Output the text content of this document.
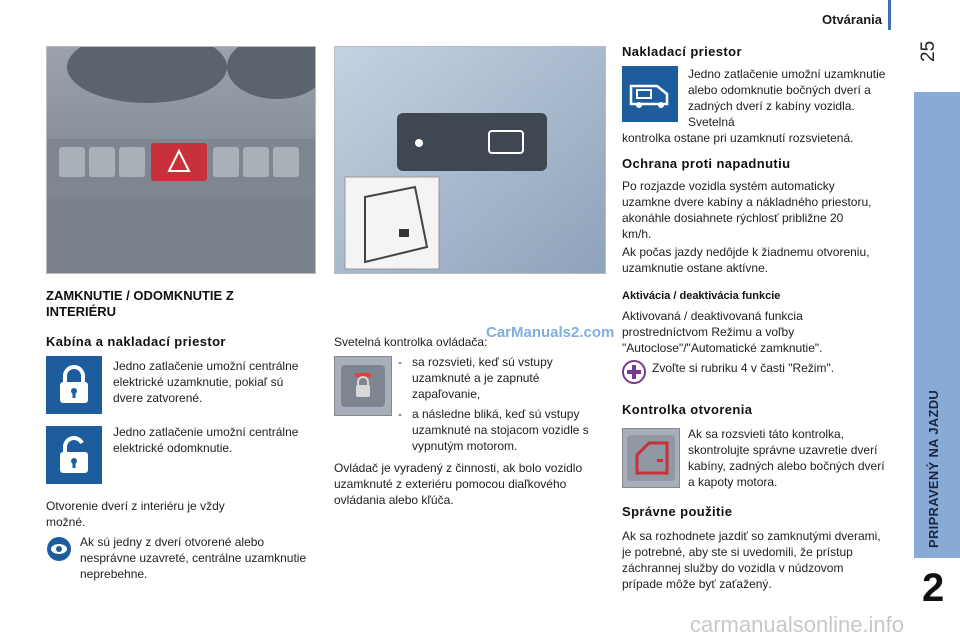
Otvárania
25
PRIPRAVENÝ NA JAZDU
2
ZAMKNUTIE / ODOMKNUTIE Z INTERIÉRU
Kabína a nakladací priestor
Jedno zatlačenie umožní centrálne elektrické uzamknutie, pokiaľ sú dvere zatvorené.
Jedno zatlačenie umožní centrálne elektrické odomknutie.
Otvorenie dverí z interiéru je vždy možné.
Ak sú jedny z dverí otvorené alebo nesprávne uzavreté, centrálne uzamknutie neprebehne.
CarManuals2.com
Svetelná kontrolka ovládača:
- sa rozsvieti, keď sú vstupy uzamknuté a je zapnuté zapaľovanie,
- a následne bliká, keď sú vstupy uzamknuté na stojacom vozidle s vypnutým motorom.
Ovládač je vyradený z činnosti, ak bolo vozidlo uzamknuté z exteriéru pomocou diaľkového ovládania alebo kľúča.
Nakladací priestor
Jedno zatlačenie umožní uzamknutie alebo odomknutie bočných dverí a zadných dverí z kabíny vozidla. Svetelná
kontrolka ostane pri uzamknutí rozsvietená.
Ochrana proti napadnutiu
Po rozjazde vozidla systém automaticky uzamkne dvere kabíny a nákladného priestoru, akonáhle dosiahnete rýchlosť približne 20 km/h.
Ak počas jazdy nedôjde k žiadnemu otvoreniu, uzamknutie ostane aktívne.
Aktivácia / deaktivácia funkcie
Aktivovaná / deaktivovaná funkcia prostredníctvom Režimu a voľby "Autoclose"/"Automatické zamknutie".
Zvoľte si rubriku 4 v časti "Režim".
Kontrolka otvorenia
Ak sa rozsvieti táto kontrolka, skontrolujte správne uzavretie dverí kabíny, zadných alebo bočných dverí a kapoty motora.
Správne použitie
Ak sa rozhodnete jazdiť so zamknutými dverami, je potrebné, aby ste si uvedomili, že prístup záchrannej služby do vozidla v núdzovom prípade môže byť zaťažený.
carmanualsonline.info
